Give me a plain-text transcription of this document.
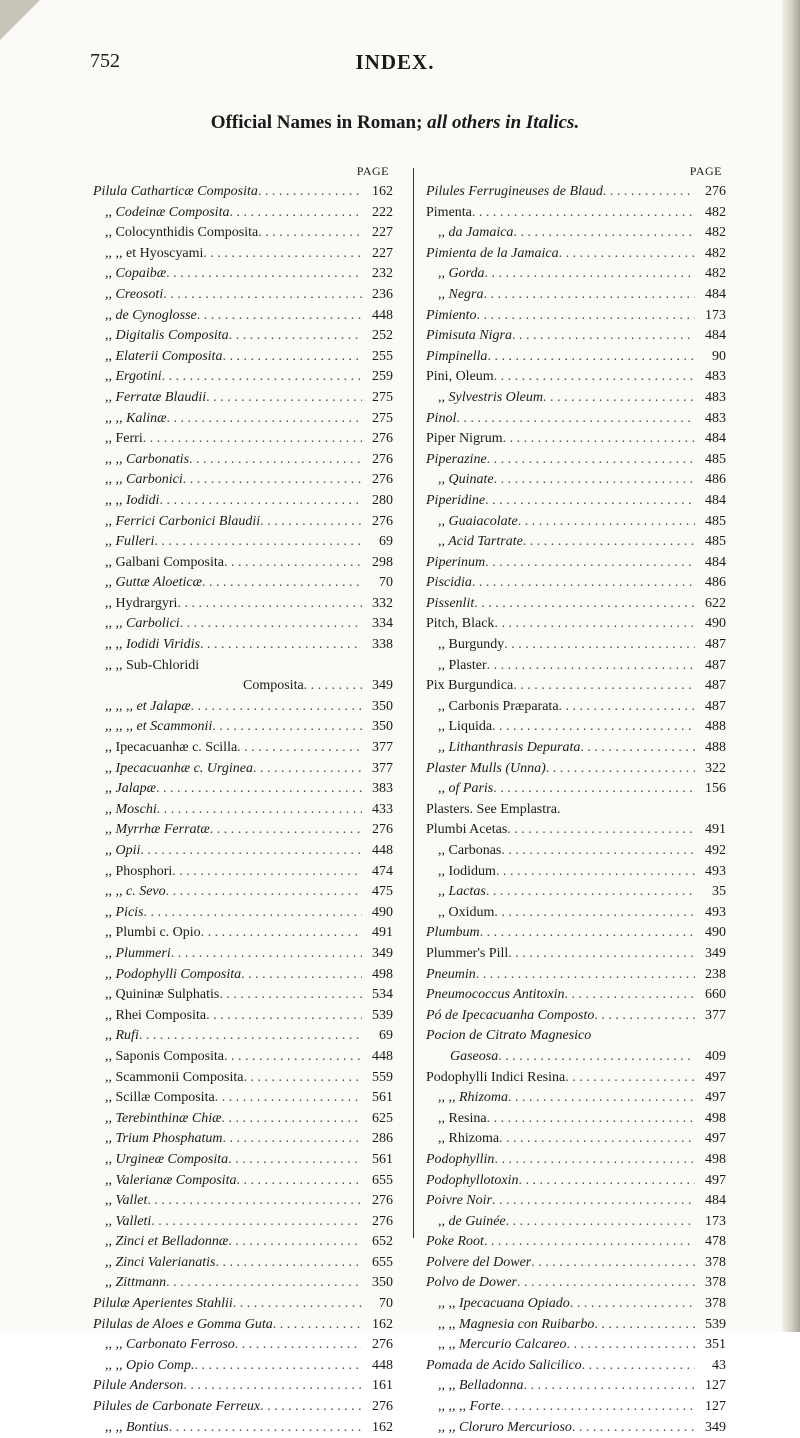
752	INDEX.
Official Names in Roman; all others in Italics.
PAGE
Pilula Catharticæ Composita . . .	162
,, Codeinæ Composita . . .	222
,, Colocynthidis Composita . . .	227
,, ,, et Hyoscyami . . .	227
,, Copaibæ . . .	232
,, Creosoti . . .	236
,, de Cynoglosse . . .	448
,, Digitalis Composita . . .	252
,, Elaterii Composita . . .	255
,, Ergotini . . .	259
,, Ferratæ Blaudii . . .	275
,, ,, Kalinæ . . .	275
,, Ferri . . .	276
,, ,, Carbonatis . . .	276
,, ,, Carbonici . . .	276
,, ,, Iodidi . . .	280
,, Ferrici Carbonici Blaudii . . .	276
,, Fulleri . . .	69
,, Galbani Composita . . .	298
,, Guttæ Aloeticæ . . .	70
,, Hydrargyri . . .	332
,, ,, Carbolici . . .	334
,, ,, Iodidi Viridis . . .	338
,, ,, Sub-Chloridi
Composita . . .	349
,, ,, ,, et Jalapæ . . .	350
,, ,, ,, et Scammonii . . .	350
,, Ipecacuanhæ c. Scilla . . .	377
,, Ipecacuanhæ c. Urginea . . .	377
,, Jalapæ . . .	383
,, Moschi . . .	433
,, Myrrhæ Ferratæ . . .	276
,, Opii . . .	448
,, Phosphori . . .	474
,, ,, c. Sevo . . .	475
,, Picis . . .	490
,, Plumbi c. Opio . . .	491
,, Plummeri . . .	349
,, Podophylli Composita . . .	498
,, Quininæ Sulphatis . . .	534
,, Rhei Composita . . .	539
,, Rufi . . .	69
,, Saponis Composita . . .	448
,, Scammonii Composita . . .	559
,, Scillæ Composita . . .	561
,, Terebinthinæ Chiæ . . .	625
,, Trium Phosphatum . . .	286
,, Urgineæ Composita . . .	561
,, Valerianæ Composita . . .	655
,, Vallet . . .	276
,, Valleti . . .	276
,, Zinci et Belladonnæ . . .	652
,, Zinci Valerianatis . . .	655
,, Zittmann . . .	350
Pilulæ Aperientes Stahlii . . .	70
Pilulas de Aloes e Gomma Guta . . .	162
,, ,, Carbonato Ferroso . . .	276
,, ,, Opio Comp. . . .	448
Pilule Anderson . . .	161
Pilules de Carbonate Ferreux . . .	276
,, ,, Bontius . . .	162
PAGE
Pilules Ferrugineuses de Blaud . . .	276
Pimenta . . .	482
,, da Jamaica . . .	482
Pimienta de la Jamaica . . .	482
,, Gorda . . .	482
,, Negra . . .	484
Pimiento . . .	173
Pimisuta Nigra . . .	484
Pimpinella . . .	90
Pini, Oleum . . .	483
,, Sylvestris Oleum . . .	483
Pinol . . .	483
Piper Nigrum . . .	484
Piperazine . . .	485
,, Quinate . . .	486
Piperidine . . .	484
,, Guaiacolate . . .	485
,, Acid Tartrate . . .	485
Piperinum . . .	484
Piscidia . . .	486
Pissenlit . . .	622
Pitch, Black . . .	490
,, Burgundy . . .	487
,, Plaster . . .	487
Pix Burgundica . . .	487
,, Carbonis Præparata . . .	487
,, Liquida . . .	488
,, Lithanthrasis Depurata . . .	488
Plaster Mulls (Unna) . . .	322
,, of Paris . . .	156
Plasters. See Emplastra.
Plumbi Acetas . . .	491
,, Carbonas . . .	492
,, Iodidum . . .	493
,, Lactas . . .	35
,, Oxidum . . .	493
Plumbum . . .	490
Plummer's Pill . . .	349
Pneumin . . .	238
Pneumococcus Antitoxin . . .	660
Pó de Ipecacuanha Composto . . .	377
Pocion de Citrato Magnesico
Gaseosa . . .	409
Podophylli Indici Resina . . .	497
,, ,, Rhizoma . . .	497
,, Resina . . .	498
,, Rhizoma . . .	497
Podophyllin . . .	498
Podophyllotoxin . . .	497
Poivre Noir . . .	484
,, de Guinée . . .	173
Poke Root . . .	478
Polvere del Dower . . .	378
Polvo de Dower . . .	378
,, ,, Ipecacuana Opiado . . .	378
,, ,, Magnesia con Ruibarbo . . .	539
,, ,, Mercurio Calcareo . . .	351
Pomada de Acido Salicilico . . .	43
,, ,, Belladonna . . .	127
,, ,, ,, Forte . . .	127
,, ,, Cloruro Mercurioso . . .	349
